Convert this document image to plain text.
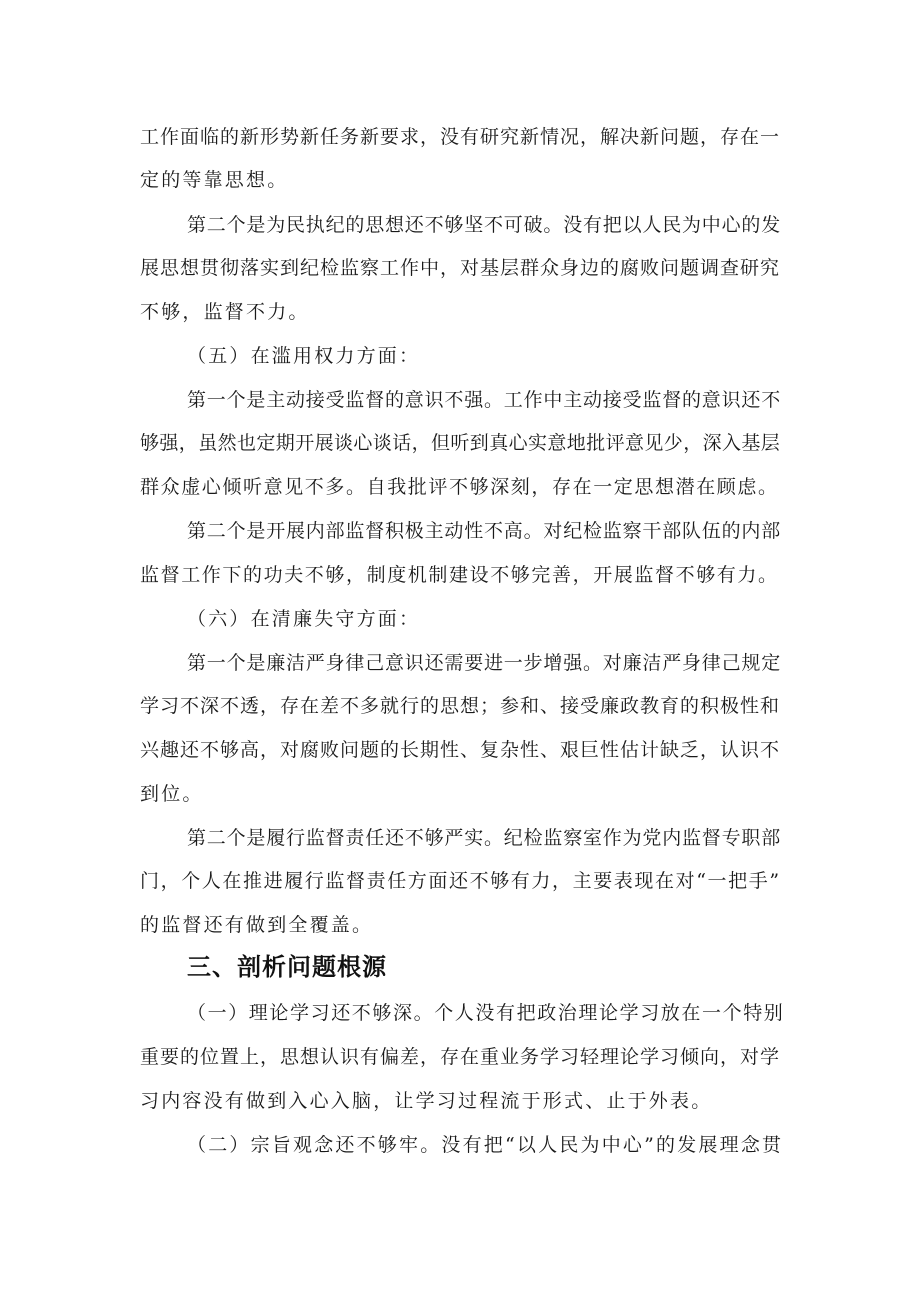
工作面临的新形势新任务新要求，没有研究新情况，解决新问题，存在一
定的等靠思想。
第二个是为民执纪的思想还不够坚不可破。没有把以人民为中心的发
展思想贯彻落实到纪检监察工作中，对基层群众身边的腐败问题调查研究
不够，监督不力。
（五）在滥用权力方面：
第一个是主动接受监督的意识不强。工作中主动接受监督的意识还不
够强，虽然也定期开展谈心谈话，但听到真心实意地批评意见少，深入基层
群众虚心倾听意见不多。自我批评不够深刻，存在一定思想潜在顾虑。
第二个是开展内部监督积极主动性不高。对纪检监察干部队伍的内部
监督工作下的功夫不够，制度机制建设不够完善，开展监督不够有力。
（六）在清廉失守方面：
第一个是廉洁严身律己意识还需要进一步增强。对廉洁严身律己规定
学习不深不透，存在差不多就行的思想；参和、接受廉政教育的积极性和
兴趣还不够高，对腐败问题的长期性、复杂性、艰巨性估计缺乏，认识不
到位。
第二个是履行监督责任还不够严实。纪检监察室作为党内监督专职部
门，个人在推进履行监督责任方面还不够有力，主要表现在对“一把手”
的监督还有做到全覆盖。
三、剖析问题根源
（一）理论学习还不够深。个人没有把政治理论学习放在一个特别
重要的位置上，思想认识有偏差，存在重业务学习轻理论学习倾向，对学
习内容没有做到入心入脑，让学习过程流于形式、止于外表。
（二）宗旨观念还不够牢。没有把“以人民为中心”的发展理念贯
